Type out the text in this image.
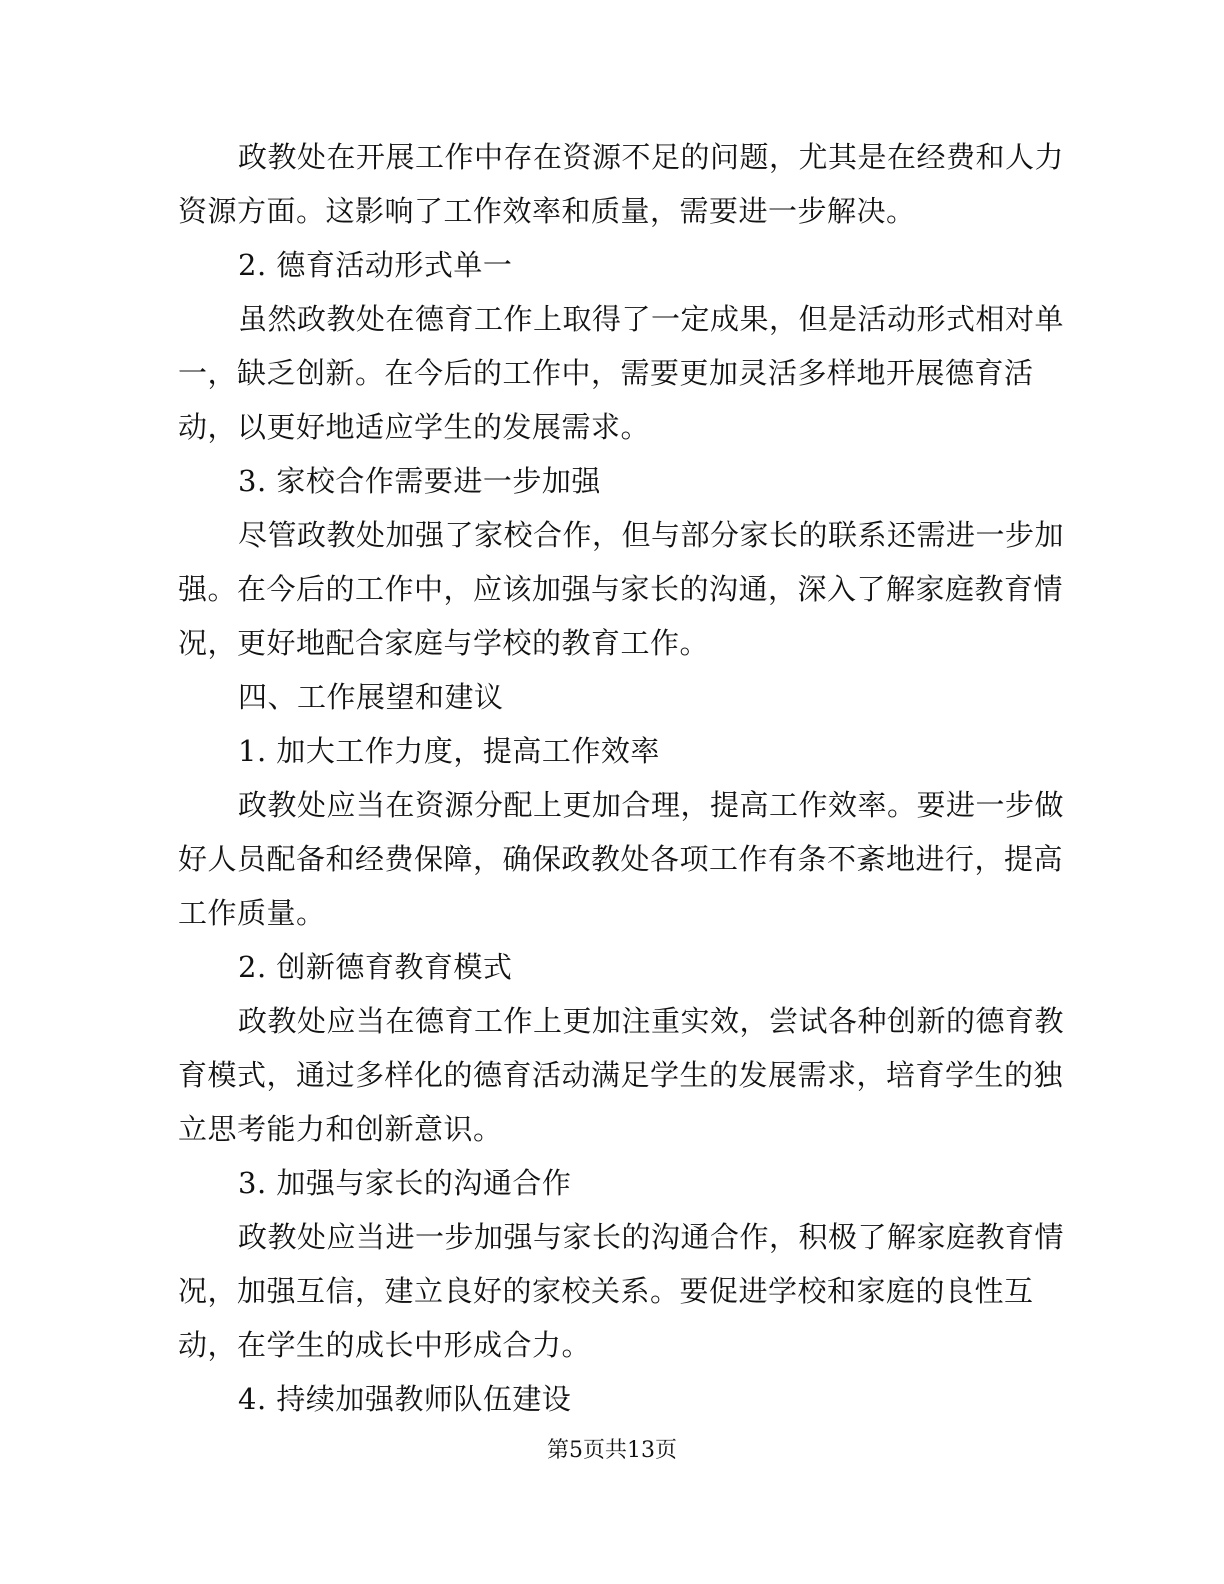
政教处在开展工作中存在资源不足的问题，尤其是在经费和人力
资源方面。这影响了工作效率和质量，需要进一步解决。
2. 德育活动形式单一
虽然政教处在德育工作上取得了一定成果，但是活动形式相对单
一，缺乏创新。在今后的工作中，需要更加灵活多样地开展德育活
动，以更好地适应学生的发展需求。
3. 家校合作需要进一步加强
尽管政教处加强了家校合作，但与部分家长的联系还需进一步加
强。在今后的工作中，应该加强与家长的沟通，深入了解家庭教育情
况，更好地配合家庭与学校的教育工作。
四、工作展望和建议
1. 加大工作力度，提高工作效率
政教处应当在资源分配上更加合理，提高工作效率。要进一步做
好人员配备和经费保障，确保政教处各项工作有条不紊地进行，提高
工作质量。
2. 创新德育教育模式
政教处应当在德育工作上更加注重实效，尝试各种创新的德育教
育模式，通过多样化的德育活动满足学生的发展需求，培育学生的独
立思考能力和创新意识。
3. 加强与家长的沟通合作
政教处应当进一步加强与家长的沟通合作，积极了解家庭教育情
况，加强互信，建立良好的家校关系。要促进学校和家庭的良性互
动，在学生的成长中形成合力。
4. 持续加强教师队伍建设
第5页共13页
